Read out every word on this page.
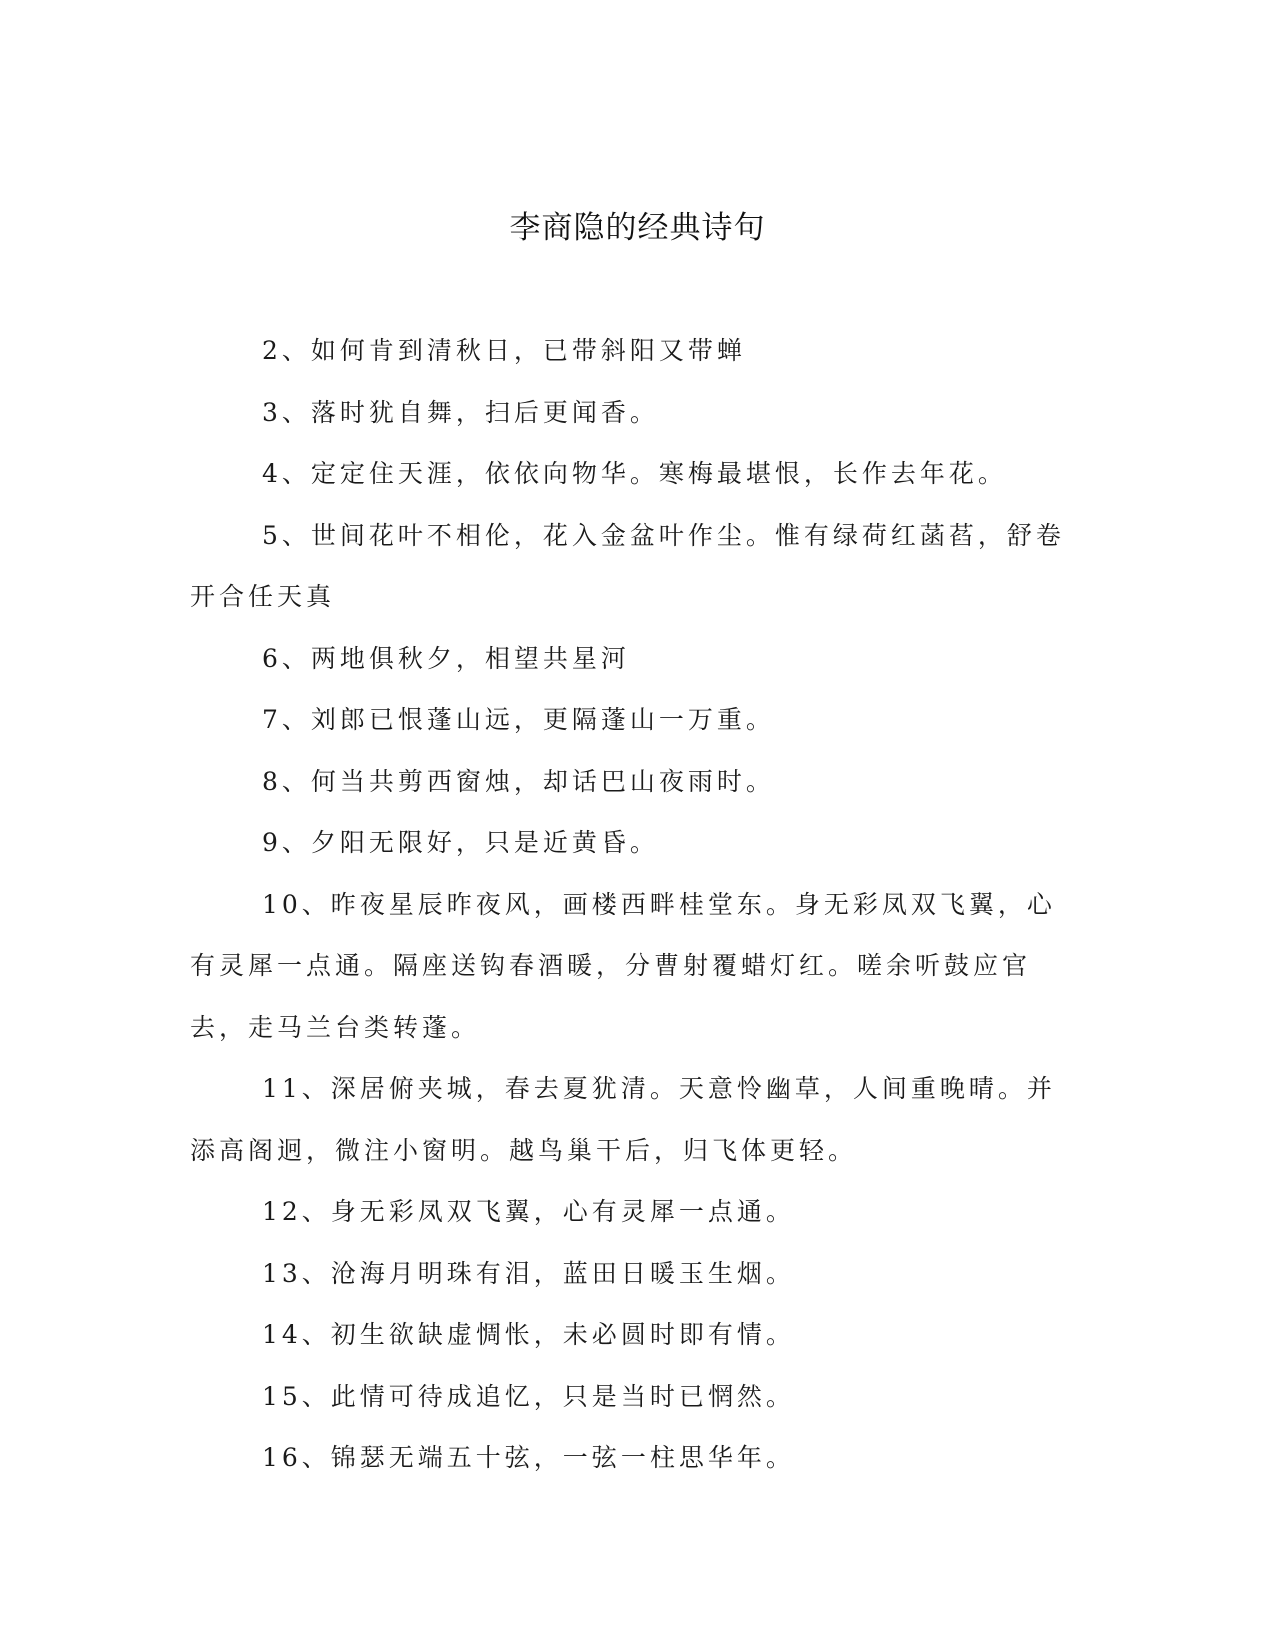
李商隐的经典诗句

2、如何肯到清秋日，已带斜阳又带蝉

3、落时犹自舞，扫后更闻香。

4、定定住天涯，依依向物华。寒梅最堪恨，长作去年花。

5、世间花叶不相伦，花入金盆叶作尘。惟有绿荷红菡萏，舒卷开合任天真

6、两地俱秋夕，相望共星河

7、刘郎已恨蓬山远，更隔蓬山一万重。

8、何当共剪西窗烛，却话巴山夜雨时。

9、夕阳无限好，只是近黄昏。

10、昨夜星辰昨夜风，画楼西畔桂堂东。身无彩凤双飞翼，心有灵犀一点通。隔座送钩春酒暖，分曹射覆蜡灯红。嗟余听鼓应官去，走马兰台类转蓬。

11、深居俯夹城，春去夏犹清。天意怜幽草，人间重晚晴。并添高阁迥，微注小窗明。越鸟巢干后，归飞体更轻。

12、身无彩凤双飞翼，心有灵犀一点通。

13、沧海月明珠有泪，蓝田日暖玉生烟。

14、初生欲缺虚惆怅，未必圆时即有情。

15、此情可待成追忆，只是当时已惘然。

16、锦瑟无端五十弦，一弦一柱思华年。
